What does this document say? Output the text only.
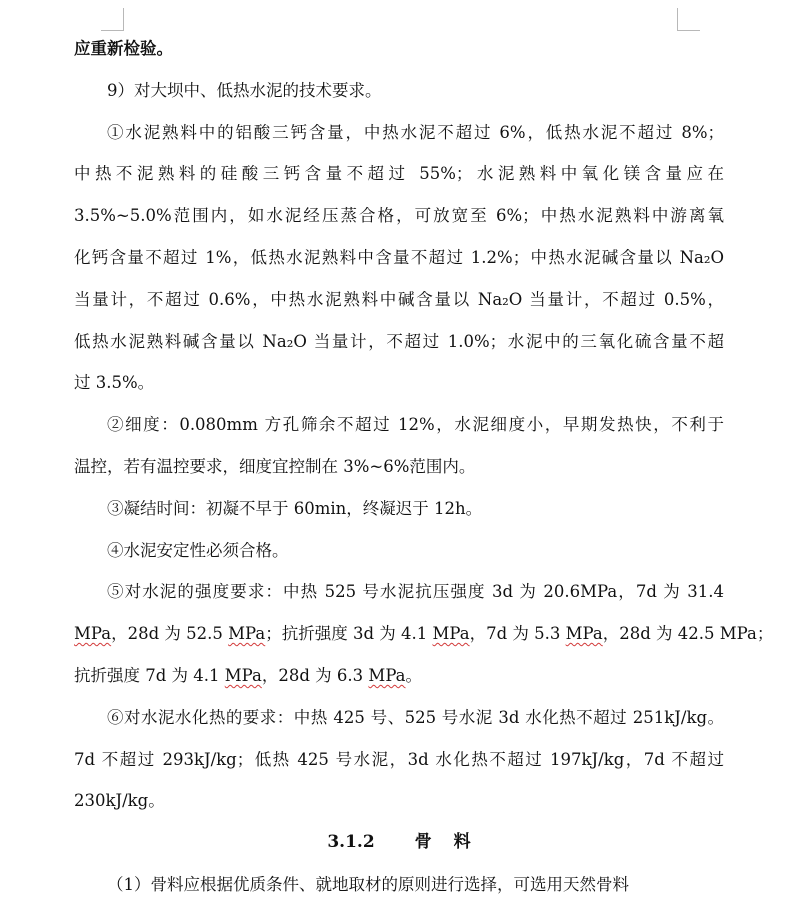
应重新检验。
9）对大坝中、低热水泥的技术要求。
①水泥熟料中的铝酸三钙含量，中热水泥不超过 6%，低热水泥不超过 8%；
中热不泥熟料的硅酸三钙含量不超过 55%；水泥熟料中氧化镁含量应在
3.5%~5.0%范围内，如水泥经压蒸合格，可放宽至 6%；中热水泥熟料中游离氧
化钙含量不超过 1%，低热水泥熟料中含量不超过 1.2%；中热水泥碱含量以 Na₂O
当量计，不超过 0.6%，中热水泥熟料中碱含量以 Na₂O 当量计，不超过 0.5%，
低热水泥熟料碱含量以 Na₂O 当量计，不超过 1.0%；水泥中的三氧化硫含量不超
过 3.5%。
②细度：0.080mm 方孔筛余不超过 12%，水泥细度小，早期发热快，不利于
温控，若有温控要求，细度宜控制在 3%~6%范围内。
③凝结时间：初凝不早于 60min，终凝迟于 12h。
④水泥安定性必须合格。
⑤对水泥的强度要求：中热 525 号水泥抗压强度 3d 为 20.6MPa，7d 为 31.4
MPa，28d 为 52.5 MPa；抗折强度 3d 为 4.1 MPa，7d 为 5.3 MPa，28d 为 42.5 MPa；
抗折强度 7d 为 4.1 MPa，28d 为 6.3 MPa。
⑥对水泥水化热的要求：中热 425 号、525 号水泥 3d 水化热不超过 251kJ/kg。
7d 不超过 293kJ/kg；低热 425 号水泥，3d 水化热不超过 197kJ/kg，7d 不超过
230kJ/kg。
3.1.2 骨 料
（1）骨料应根据优质条件、就地取材的原则进行选择，可选用天然骨料
